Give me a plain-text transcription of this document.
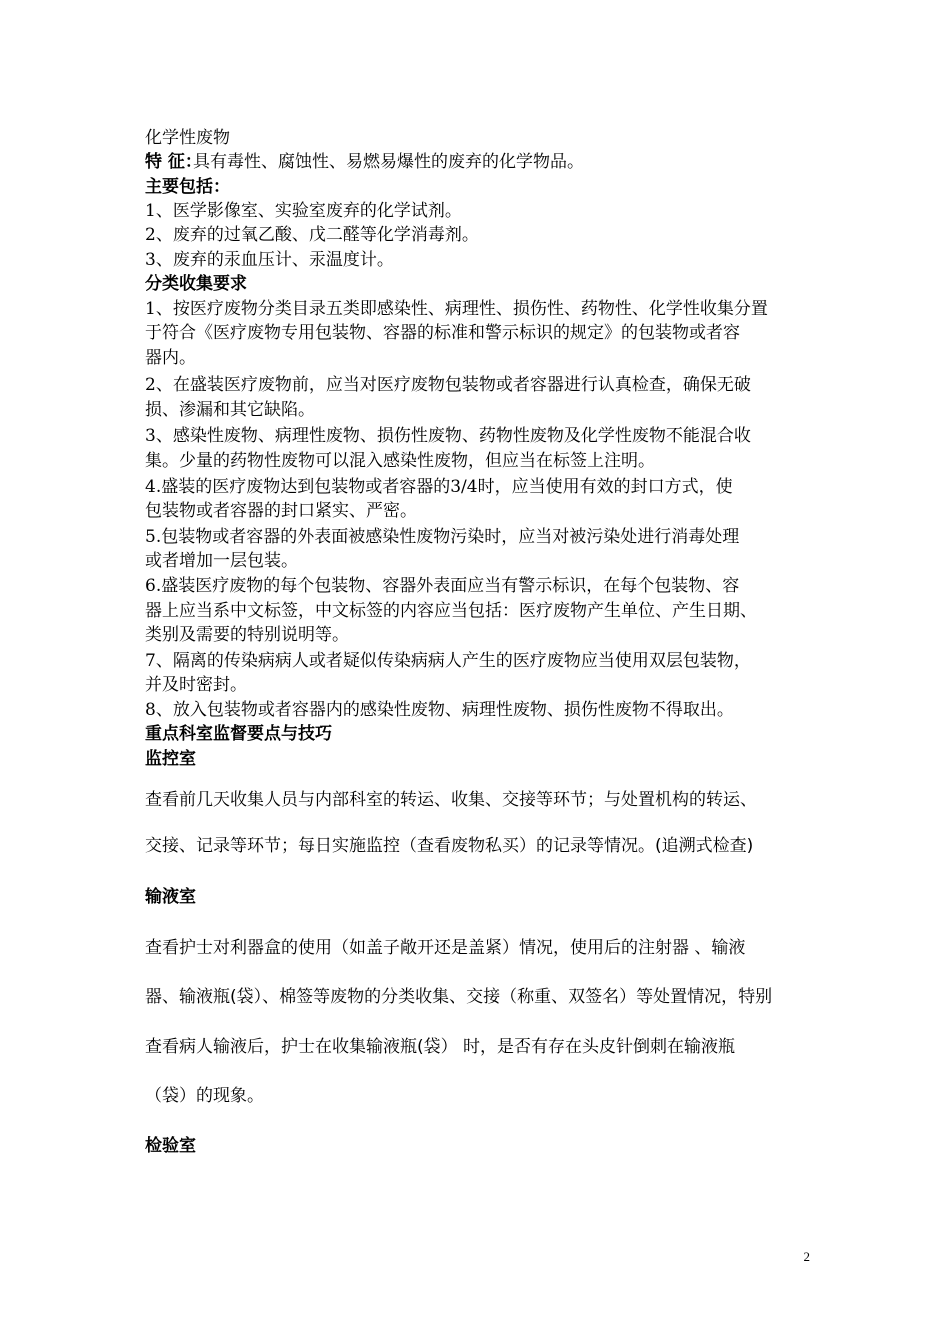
化学性废物
特 征：具有毒性、腐蚀性、易燃易爆性的废弃的化学物品。
主要包括：
1、医学影像室、实验室废弃的化学试剂。
2、废弃的过氧乙酸、戊二醛等化学消毒剂。
3、废弃的汞血压计、汞温度计。
分类收集要求
1、按医疗废物分类目录五类即感染性、病理性、损伤性、药物性、化学性收集分置
于符合《医疗废物专用包装物、容器的标准和警示标识的规定》的包装物或者容
器内。
2、在盛装医疗废物前，应当对医疗废物包装物或者容器进行认真检查，确保无破
损、渗漏和其它缺陷。
3、感染性废物、病理性废物、损伤性废物、药物性废物及化学性废物不能混合收
集。少量的药物性废物可以混入感染性废物，但应当在标签上注明。
4.盛装的医疗废物达到包装物或者容器的3/4时，应当使用有效的封口方式，使
包装物或者容器的封口紧实、严密。
5.包装物或者容器的外表面被感染性废物污染时，应当对被污染处进行消毒处理
或者增加一层包装。
6.盛装医疗废物的每个包装物、容器外表面应当有警示标识，在每个包装物、容
器上应当系中文标签，中文标签的内容应当包括：医疗废物产生单位、产生日期、
类别及需要的特别说明等。
7、隔离的传染病病人或者疑似传染病病人产生的医疗废物应当使用双层包装物，
并及时密封。
8、放入包装物或者容器内的感染性废物、病理性废物、损伤性废物不得取出。
重点科室监督要点与技巧
监控室
查看前几天收集人员与内部科室的转运、收集、交接等环节；与处置机构的转运、
交接、记录等环节；每日实施监控（查看废物私买）的记录等情况。(追溯式检查)
输液室
查看护士对利器盒的使用（如盖子敞开还是盖紧）情况，使用后的注射器 、输液
器、输液瓶(袋）、棉签等废物的分类收集、交接（称重、双签名）等处置情况，特别
查看病人输液后，护士在收集输液瓶(袋） 时，是否有存在头皮针倒刺在输液瓶
（袋）的现象。
检验室
2
